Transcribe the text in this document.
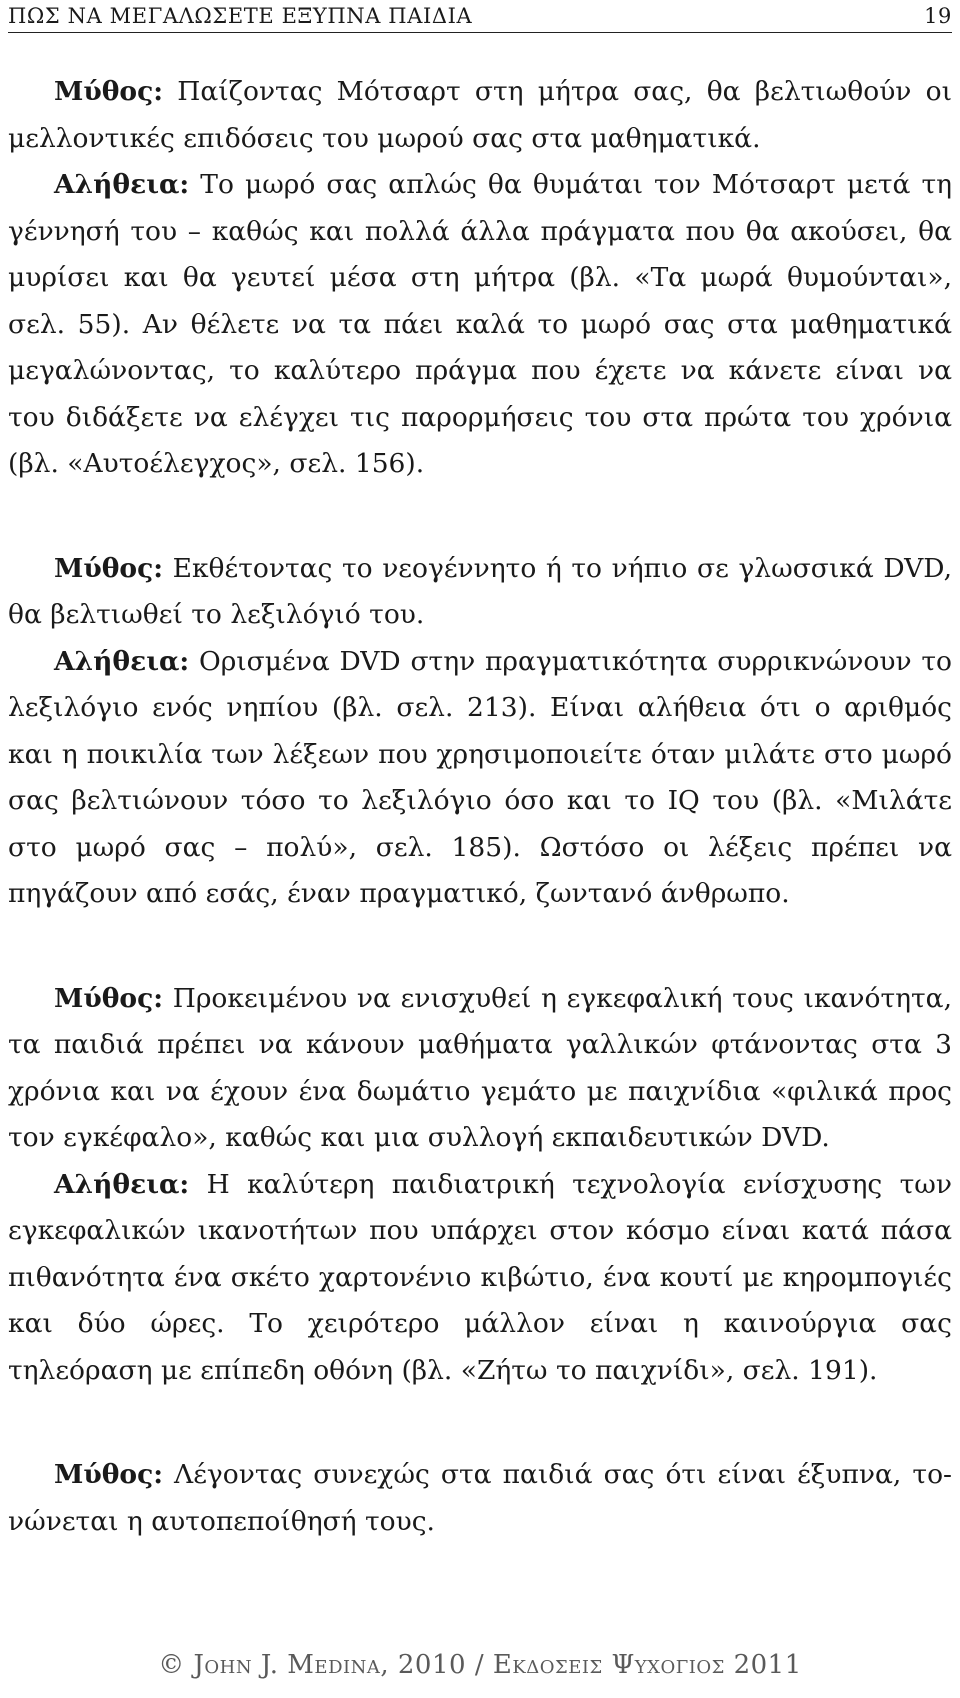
ΠΩΣ ΝΑ ΜΕΓΑΛΩΣΕΤΕ ΕΞΥΠΝΑ ΠΑΙΔΙΑ	19

Μύθος: Παίζοντας Μότσαρτ στη μήτρα σας, θα βελτιωθούν οι μελλοντικές επιδόσεις του μωρού σας στα μαθηματικά.

Αλήθεια: Το μωρό σας απλώς θα θυμάται τον Μότσαρτ μετά τη γέννησή του – καθώς και πολλά άλλα πράγματα που θα ακούσει, θα μυρίσει και θα γευτεί μέσα στη μήτρα (βλ. «Τα μωρά θυμούνται», σελ. 55). Αν θέλετε να τα πάει καλά το μωρό σας στα μαθηματικά μεγαλώνοντας, το καλύτερο πράγμα που έχετε να κάνετε είναι να του διδάξετε να ελέγχει τις παρορμήσεις του στα πρώτα του χρόνια (βλ. «Αυτοέλεγχος», σελ. 156).

Μύθος: Εκθέτοντας το νεογέννητο ή το νήπιο σε γλωσσικά DVD, θα βελτιωθεί το λεξιλόγιό του.

Αλήθεια: Ορισμένα DVD στην πραγματικότητα συρρικνώνουν το λεξιλόγιο ενός νηπίου (βλ. σελ. 213). Είναι αλήθεια ότι ο αριθμός και η ποικιλία των λέξεων που χρησιμοποιείτε όταν μιλάτε στο μωρό σας βελτιώνουν τόσο το λεξιλόγιο όσο και το IQ του (βλ. «Μιλάτε στο μωρό σας – πολύ», σελ. 185). Ωστόσο οι λέξεις πρέπει να πηγάζουν από εσάς, έναν πραγματικό, ζωντανό άνθρωπο.

Μύθος: Προκειμένου να ενισχυθεί η εγκεφαλική τους ικανότητα, τα παιδιά πρέπει να κάνουν μαθήματα γαλλικών φτάνοντας στα 3 χρόνια και να έχουν ένα δωμάτιο γεμάτο με παιχνίδια «φιλικά προς τον εγκέφαλο», καθώς και μια συλλογή εκπαιδευτικών DVD.

Αλήθεια: Η καλύτερη παιδιατρική τεχνολογία ενίσχυσης των εγκεφαλικών ικανοτήτων που υπάρχει στον κόσμο είναι κατά πάσα πιθανότητα ένα σκέτο χαρτονένιο κιβώτιο, ένα κουτί με κηρομπογιές και δύο ώρες. Το χειρότερο μάλλον είναι η καινούργια σας τηλεόραση με επίπεδη οθόνη (βλ. «Ζήτω το παιχνίδι», σελ. 191).

Μύθος: Λέγοντας συνεχώς στα παιδιά σας ότι είναι έξυπνα, τονώνεται η αυτοπεποίθησή τους.

© John J. Medina, 2010 / Εκδοσεις Ψυχογιος 2011
